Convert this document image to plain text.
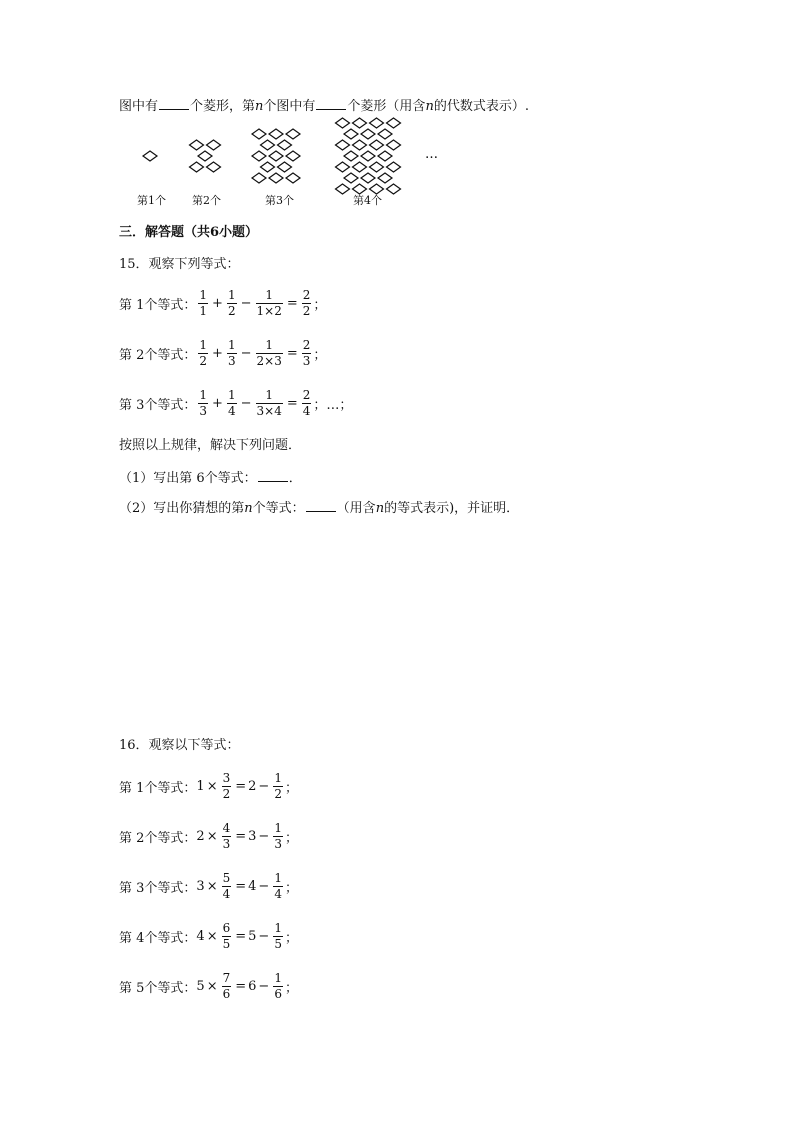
图中有 个菱形，第n个图中有 个菱形（用含n的代数式表示）.
…
第1个 第2个	第3个	第4个
三．解答题（共6小题）
15．观察下列等式：
第 1个等式： $\frac{1}{1} + \frac{1}{2} - \frac{1}{1\times 2} = \frac{2}{2}$ ；
第 2个等式： $\frac{1}{2} + \frac{1}{3} - \frac{1}{2\times 3} = \frac{2}{3}$ ；
第 3个等式： $\frac{1}{3} + \frac{1}{4} - \frac{1}{3\times 4} = \frac{2}{4}$ ；…；
按照以上规律，解决下列问题．
（1）写出第 6个等式： ．
（2）写出你猜想的第n个等式： （用含n的等式表示)，并证明．
16．观察以下等式：
第 1个等式： $1 \times \frac{3}{2} = 2 - \frac{1}{2}$ ；
第 2个等式： $2 \times \frac{4}{3} = 3 - \frac{1}{3}$ ；
第 3个等式： $3 \times \frac{5}{4} = 4 - \frac{1}{4}$ ；
第 4个等式： $4 \times \frac{6}{5} = 5 - \frac{1}{5}$ ；
第 5个等式： $5 \times \frac{7}{6} = 6 - \frac{1}{6}$ ；
